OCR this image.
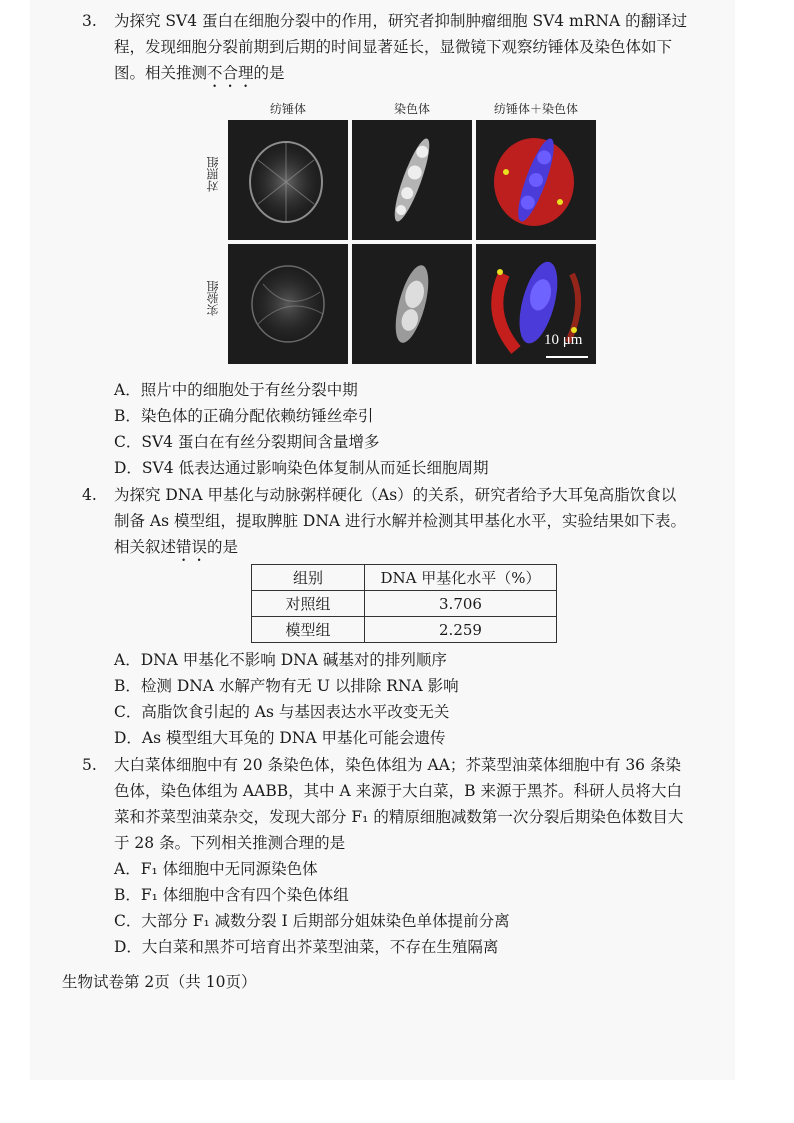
3. 为探究 SV4 蛋白在细胞分裂中的作用，研究者抑制肿瘤细胞 SV4 mRNA 的翻译过
程，发现细胞分裂前期到后期的时间显著延长，显微镜下观察纺锤体及染色体如下
图。相关推测不合理的是
纺锤体	染色体	纺锤体＋染色体
对照组
实验组
10 μm
A．照片中的细胞处于有丝分裂中期
B．染色体的正确分配依赖纺锤丝牵引
C．SV4 蛋白在有丝分裂期间含量增多
D．SV4 低表达通过影响染色体复制从而延长细胞周期
4. 为探究 DNA 甲基化与动脉粥样硬化（As）的关系，研究者给予大耳兔高脂饮食以
制备 As 模型组，提取脾脏 DNA 进行水解并检测其甲基化水平，实验结果如下表。
相关叙述错误的是
组别	DNA 甲基化水平（%）
对照组	3.706
模型组	2.259
A．DNA 甲基化不影响 DNA 碱基对的排列顺序
B．检测 DNA 水解产物有无 U 以排除 RNA 影响
C．高脂饮食引起的 As 与基因表达水平改变无关
D．As 模型组大耳兔的 DNA 甲基化可能会遗传
5. 大白菜体细胞中有 20 条染色体，染色体组为 AA；芥菜型油菜体细胞中有 36 条染
色体，染色体组为 AABB，其中 A 来源于大白菜，B 来源于黑芥。科研人员将大白
菜和芥菜型油菜杂交，发现大部分 F₁ 的精原细胞减数第一次分裂后期染色体数目大
于 28 条。下列相关推测合理的是
A．F₁ 体细胞中无同源染色体
B．F₁ 体细胞中含有四个染色体组
C．大部分 F₁ 减数分裂 Ⅰ 后期部分姐妹染色单体提前分离
D．大白菜和黑芥可培育出芥菜型油菜，不存在生殖隔离
生物试卷第 2页（共 10页）
